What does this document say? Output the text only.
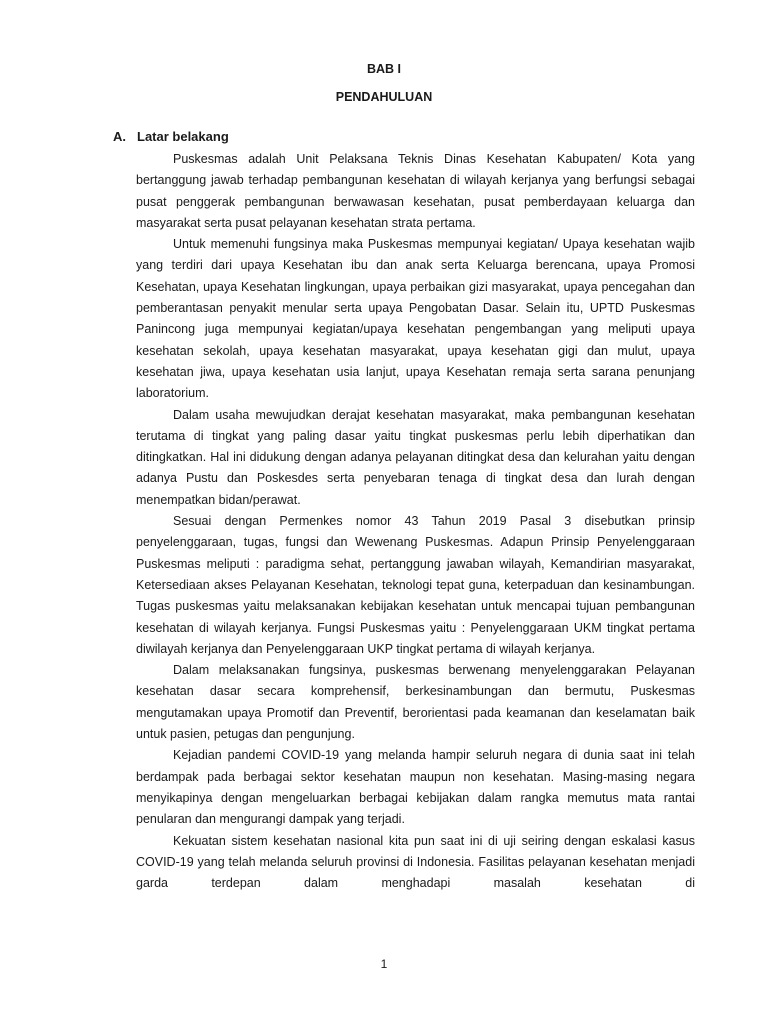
BAB I
PENDAHULUAN
A. Latar belakang

Puskesmas adalah Unit Pelaksana Teknis Dinas Kesehatan Kabupaten/ Kota yang bertanggung jawab terhadap pembangunan kesehatan di wilayah kerjanya yang berfungsi sebagai pusat penggerak pembangunan berwawasan kesehatan, pusat pemberdayaan keluarga dan masyarakat serta pusat pelayanan kesehatan strata pertama.

Untuk memenuhi fungsinya maka Puskesmas mempunyai kegiatan/ Upaya kesehatan wajib yang terdiri dari upaya Kesehatan ibu dan anak serta Keluarga berencana, upaya Promosi Kesehatan, upaya Kesehatan lingkungan, upaya perbaikan gizi masyarakat, upaya pencegahan dan pemberantasan penyakit menular serta upaya Pengobatan Dasar. Selain itu, UPTD Puskesmas Panincong juga mempunyai kegiatan/upaya kesehatan pengembangan yang meliputi upaya kesehatan sekolah, upaya kesehatan masyarakat, upaya kesehatan gigi dan mulut, upaya kesehatan jiwa, upaya kesehatan usia lanjut, upaya Kesehatan remaja serta sarana penunjang laboratorium.

Dalam usaha mewujudkan derajat kesehatan masyarakat, maka pembangunan kesehatan terutama di tingkat yang paling dasar yaitu tingkat puskesmas perlu lebih diperhatikan dan ditingkatkan. Hal ini didukung dengan adanya pelayanan ditingkat desa dan kelurahan yaitu dengan adanya Pustu dan Poskesdes serta penyebaran tenaga di tingkat desa dan lurah dengan menempatkan bidan/perawat.

Sesuai dengan Permenkes nomor 43 Tahun 2019 Pasal 3 disebutkan prinsip penyelenggaraan, tugas, fungsi dan Wewenang Puskesmas. Adapun Prinsip Penyelenggaraan Puskesmas meliputi : paradigma sehat, pertanggung jawaban wilayah, Kemandirian masyarakat, Ketersediaan akses Pelayanan Kesehatan, teknologi tepat guna, keterpaduan dan kesinambungan. Tugas puskesmas yaitu melaksanakan kebijakan kesehatan untuk mencapai tujuan pembangunan kesehatan di wilayah kerjanya. Fungsi Puskesmas yaitu : Penyelenggaraan UKM tingkat pertama diwilayah kerjanya dan Penyelenggaraan UKP tingkat pertama di wilayah kerjanya.

Dalam melaksanakan fungsinya, puskesmas berwenang menyelenggarakan Pelayanan kesehatan dasar secara komprehensif, berkesinambungan dan bermutu, Puskesmas mengutamakan upaya Promotif dan Preventif, berorientasi pada keamanan dan keselamatan baik untuk pasien, petugas dan pengunjung.

Kejadian pandemi COVID-19 yang melanda hampir seluruh negara di dunia saat ini telah berdampak pada berbagai sektor kesehatan maupun non kesehatan. Masing-masing negara menyikapinya dengan mengeluarkan berbagai kebijakan dalam rangka memutus mata rantai penularan dan mengurangi dampak yang terjadi.

Kekuatan sistem kesehatan nasional kita pun saat ini di uji seiring dengan eskalasi kasus COVID-19 yang telah melanda seluruh provinsi di Indonesia. Fasilitas pelayanan kesehatan menjadi garda terdepan dalam menghadapi masalah kesehatan di

1
